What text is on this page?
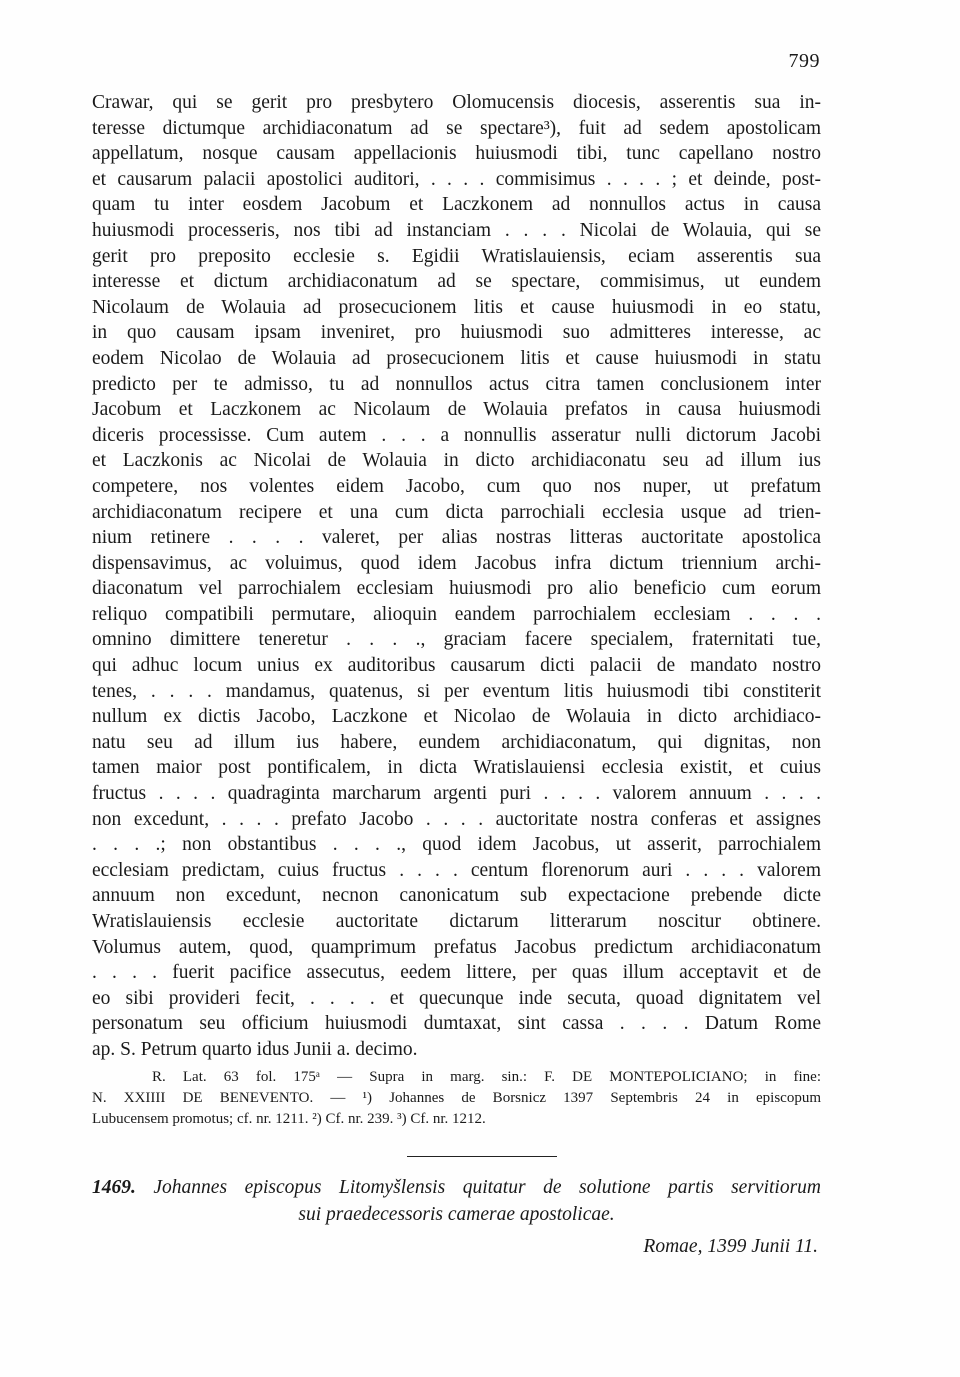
799
Crawar, qui se gerit pro presbytero Olomucensis diocesis, asserentis sua in-
teresse dictumque archidiaconatum ad se spectare³), fuit ad sedem apostolicam
appellatum, nosque causam appellacionis huiusmodi tibi, tunc capellano nostro
et causarum palacii apostolici auditori, . . . . commisimus . . . . ; et deinde, post-
quam tu inter eosdem Jacobum et Laczkonem ad nonnullos actus in causa
huiusmodi processeris, nos tibi ad instanciam . . . . Nicolai de Wolauia, qui se
gerit pro preposito ecclesie s. Egidii Wratislauiensis, eciam asserentis sua
interesse et dictum archidiaconatum ad se spectare, commisimus, ut eundem
Nicolaum de Wolauia ad prosecucionem litis et cause huiusmodi in eo statu,
in quo causam ipsam inveniret, pro huiusmodi suo admitteres interesse, ac
eodem Nicolao de Wolauia ad prosecucionem litis et cause huiusmodi in statu
predicto per te admisso, tu ad nonnullos actus citra tamen conclusionem inter
Jacobum et Laczkonem ac Nicolaum de Wolauia prefatos in causa huiusmodi
diceris processisse. Cum autem . . . a nonnullis asseratur nulli dictorum Jacobi
et Laczkonis ac Nicolai de Wolauia in dicto archidiaconatu seu ad illum ius
competere, nos volentes eidem Jacobo, cum quo nos nuper, ut prefatum
archidiaconatum recipere et una cum dicta parrochiali ecclesia usque ad trien-
nium retinere . . . . valeret, per alias nostras litteras auctoritate apostolica
dispensavimus, ac voluimus, quod idem Jacobus infra dictum triennium archi-
diaconatum vel parrochialem ecclesiam huiusmodi pro alio beneficio cum eorum
reliquo compatibili permutare, alioquin eandem parrochialem ecclesiam . . . .
omnino dimittere teneretur . . . ., graciam facere specialem, fraternitati tue,
qui adhuc locum unius ex auditoribus causarum dicti palacii de mandato nostro
tenes, . . . . mandamus, quatenus, si per eventum litis huiusmodi tibi constiterit
nullum ex dictis Jacobo, Laczkone et Nicolao de Wolauia in dicto archidiaco-
natu seu ad illum ius habere, eundem archidiaconatum, qui dignitas, non
tamen maior post pontificalem, in dicta Wratislauiensi ecclesia existit, et cuius
fructus . . . . quadraginta marcharum argenti puri . . . . valorem annuum . . . .
non excedunt, . . . . prefato Jacobo . . . . auctoritate nostra conferas et assignes
. . . .; non obstantibus . . . ., quod idem Jacobus, ut asserit, parrochialem
ecclesiam predictam, cuius fructus . . . . centum florenorum auri . . . . valorem
annuum non excedunt, necnon canonicatum sub expectacione prebende dicte
Wratislauiensis ecclesie auctoritate dictarum litterarum noscitur obtinere.
Volumus autem, quod, quamprimum prefatus Jacobus predictum archidiaconatum
. . . . fuerit pacifice assecutus, eedem littere, per quas illum acceptavit et de
eo sibi provideri fecit, . . . . et quecunque inde secuta, quoad dignitatem vel
personatum seu officium huiusmodi dumtaxat, sint cassa . . . . Datum Rome
ap. S. Petrum quarto idus Junii a. decimo.
R. Lat. 63 fol. 175ᵃ — Supra in marg. sin.: F. DE MONTEPOLICIANO; in fine:
N. XXIIII DE BENEVENTO. — ¹) Johannes de Borsnicz 1397 Septembris 24 in episcopum
Lubucensem promotus; cf. nr. 1211. ²) Cf. nr. 239. ³) Cf. nr. 1212.
1469. Johannes episcopus Litomyšlensis quitatur de solutione partis servitiorum
sui praedecessoris camerae apostolicae.
Romae, 1399 Junii 11.
